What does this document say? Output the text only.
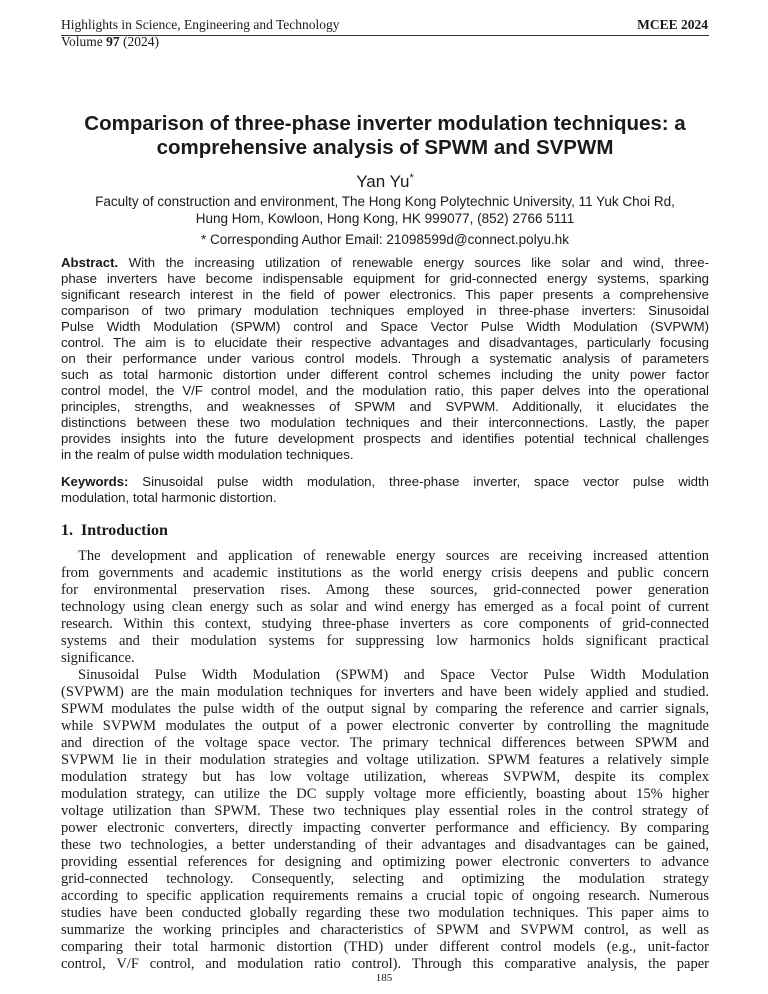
Highlights in Science, Engineering and Technology	MCEE 2024
Volume 97 (2024)
Comparison of three-phase inverter modulation techniques: a
comprehensive analysis of SPWM and SVPWM
Yan Yu*
Faculty of construction and environment, The Hong Kong Polytechnic University, 11 Yuk Choi Rd,
Hung Hom, Kowloon, Hong Kong, HK 999077, (852) 2766 5111
* Corresponding Author Email: 21098599d@connect.polyu.hk
Abstract. With the increasing utilization of renewable energy sources like solar and wind, three-
phase inverters have become indispensable equipment for grid-connected energy systems, sparking
significant research interest in the field of power electronics. This paper presents a comprehensive
comparison of two primary modulation techniques employed in three-phase inverters: Sinusoidal
Pulse Width Modulation (SPWM) control and Space Vector Pulse Width Modulation (SVPWM)
control. The aim is to elucidate their respective advantages and disadvantages, particularly focusing
on their performance under various control models. Through a systematic analysis of parameters
such as total harmonic distortion under different control schemes including the unity power factor
control model, the V/F control model, and the modulation ratio, this paper delves into the operational
principles, strengths, and weaknesses of SPWM and SVPWM. Additionally, it elucidates the
distinctions between these two modulation techniques and their interconnections. Lastly, the paper
provides insights into the future development prospects and identifies potential technical challenges
in the realm of pulse width modulation techniques.
Keywords: Sinusoidal pulse width modulation, three-phase inverter, space vector pulse width
modulation, total harmonic distortion.
1. Introduction
The development and application of renewable energy sources are receiving increased attention
from governments and academic institutions as the world energy crisis deepens and public concern
for environmental preservation rises. Among these sources, grid-connected power generation
technology using clean energy such as solar and wind energy has emerged as a focal point of current
research. Within this context, studying three-phase inverters as core components of grid-connected
systems and their modulation systems for suppressing low harmonics holds significant practical
significance.
Sinusoidal Pulse Width Modulation (SPWM) and Space Vector Pulse Width Modulation
(SVPWM) are the main modulation techniques for inverters and have been widely applied and studied.
SPWM modulates the pulse width of the output signal by comparing the reference and carrier signals,
while SVPWM modulates the output of a power electronic converter by controlling the magnitude
and direction of the voltage space vector. The primary technical differences between SPWM and
SVPWM lie in their modulation strategies and voltage utilization. SPWM features a relatively simple
modulation strategy but has low voltage utilization, whereas SVPWM, despite its complex
modulation strategy, can utilize the DC supply voltage more efficiently, boasting about 15% higher
voltage utilization than SPWM. These two techniques play essential roles in the control strategy of
power electronic converters, directly impacting converter performance and efficiency. By comparing
these two technologies, a better understanding of their advantages and disadvantages can be gained,
providing essential references for designing and optimizing power electronic converters to advance
grid-connected technology. Consequently, selecting and optimizing the modulation strategy
according to specific application requirements remains a crucial topic of ongoing research. Numerous
studies have been conducted globally regarding these two modulation techniques. This paper aims to
summarize the working principles and characteristics of SPWM and SVPWM control, as well as
comparing their total harmonic distortion (THD) under different control models (e.g., unit-factor
control, V/F control, and modulation ratio control). Through this comparative analysis, the paper
185
